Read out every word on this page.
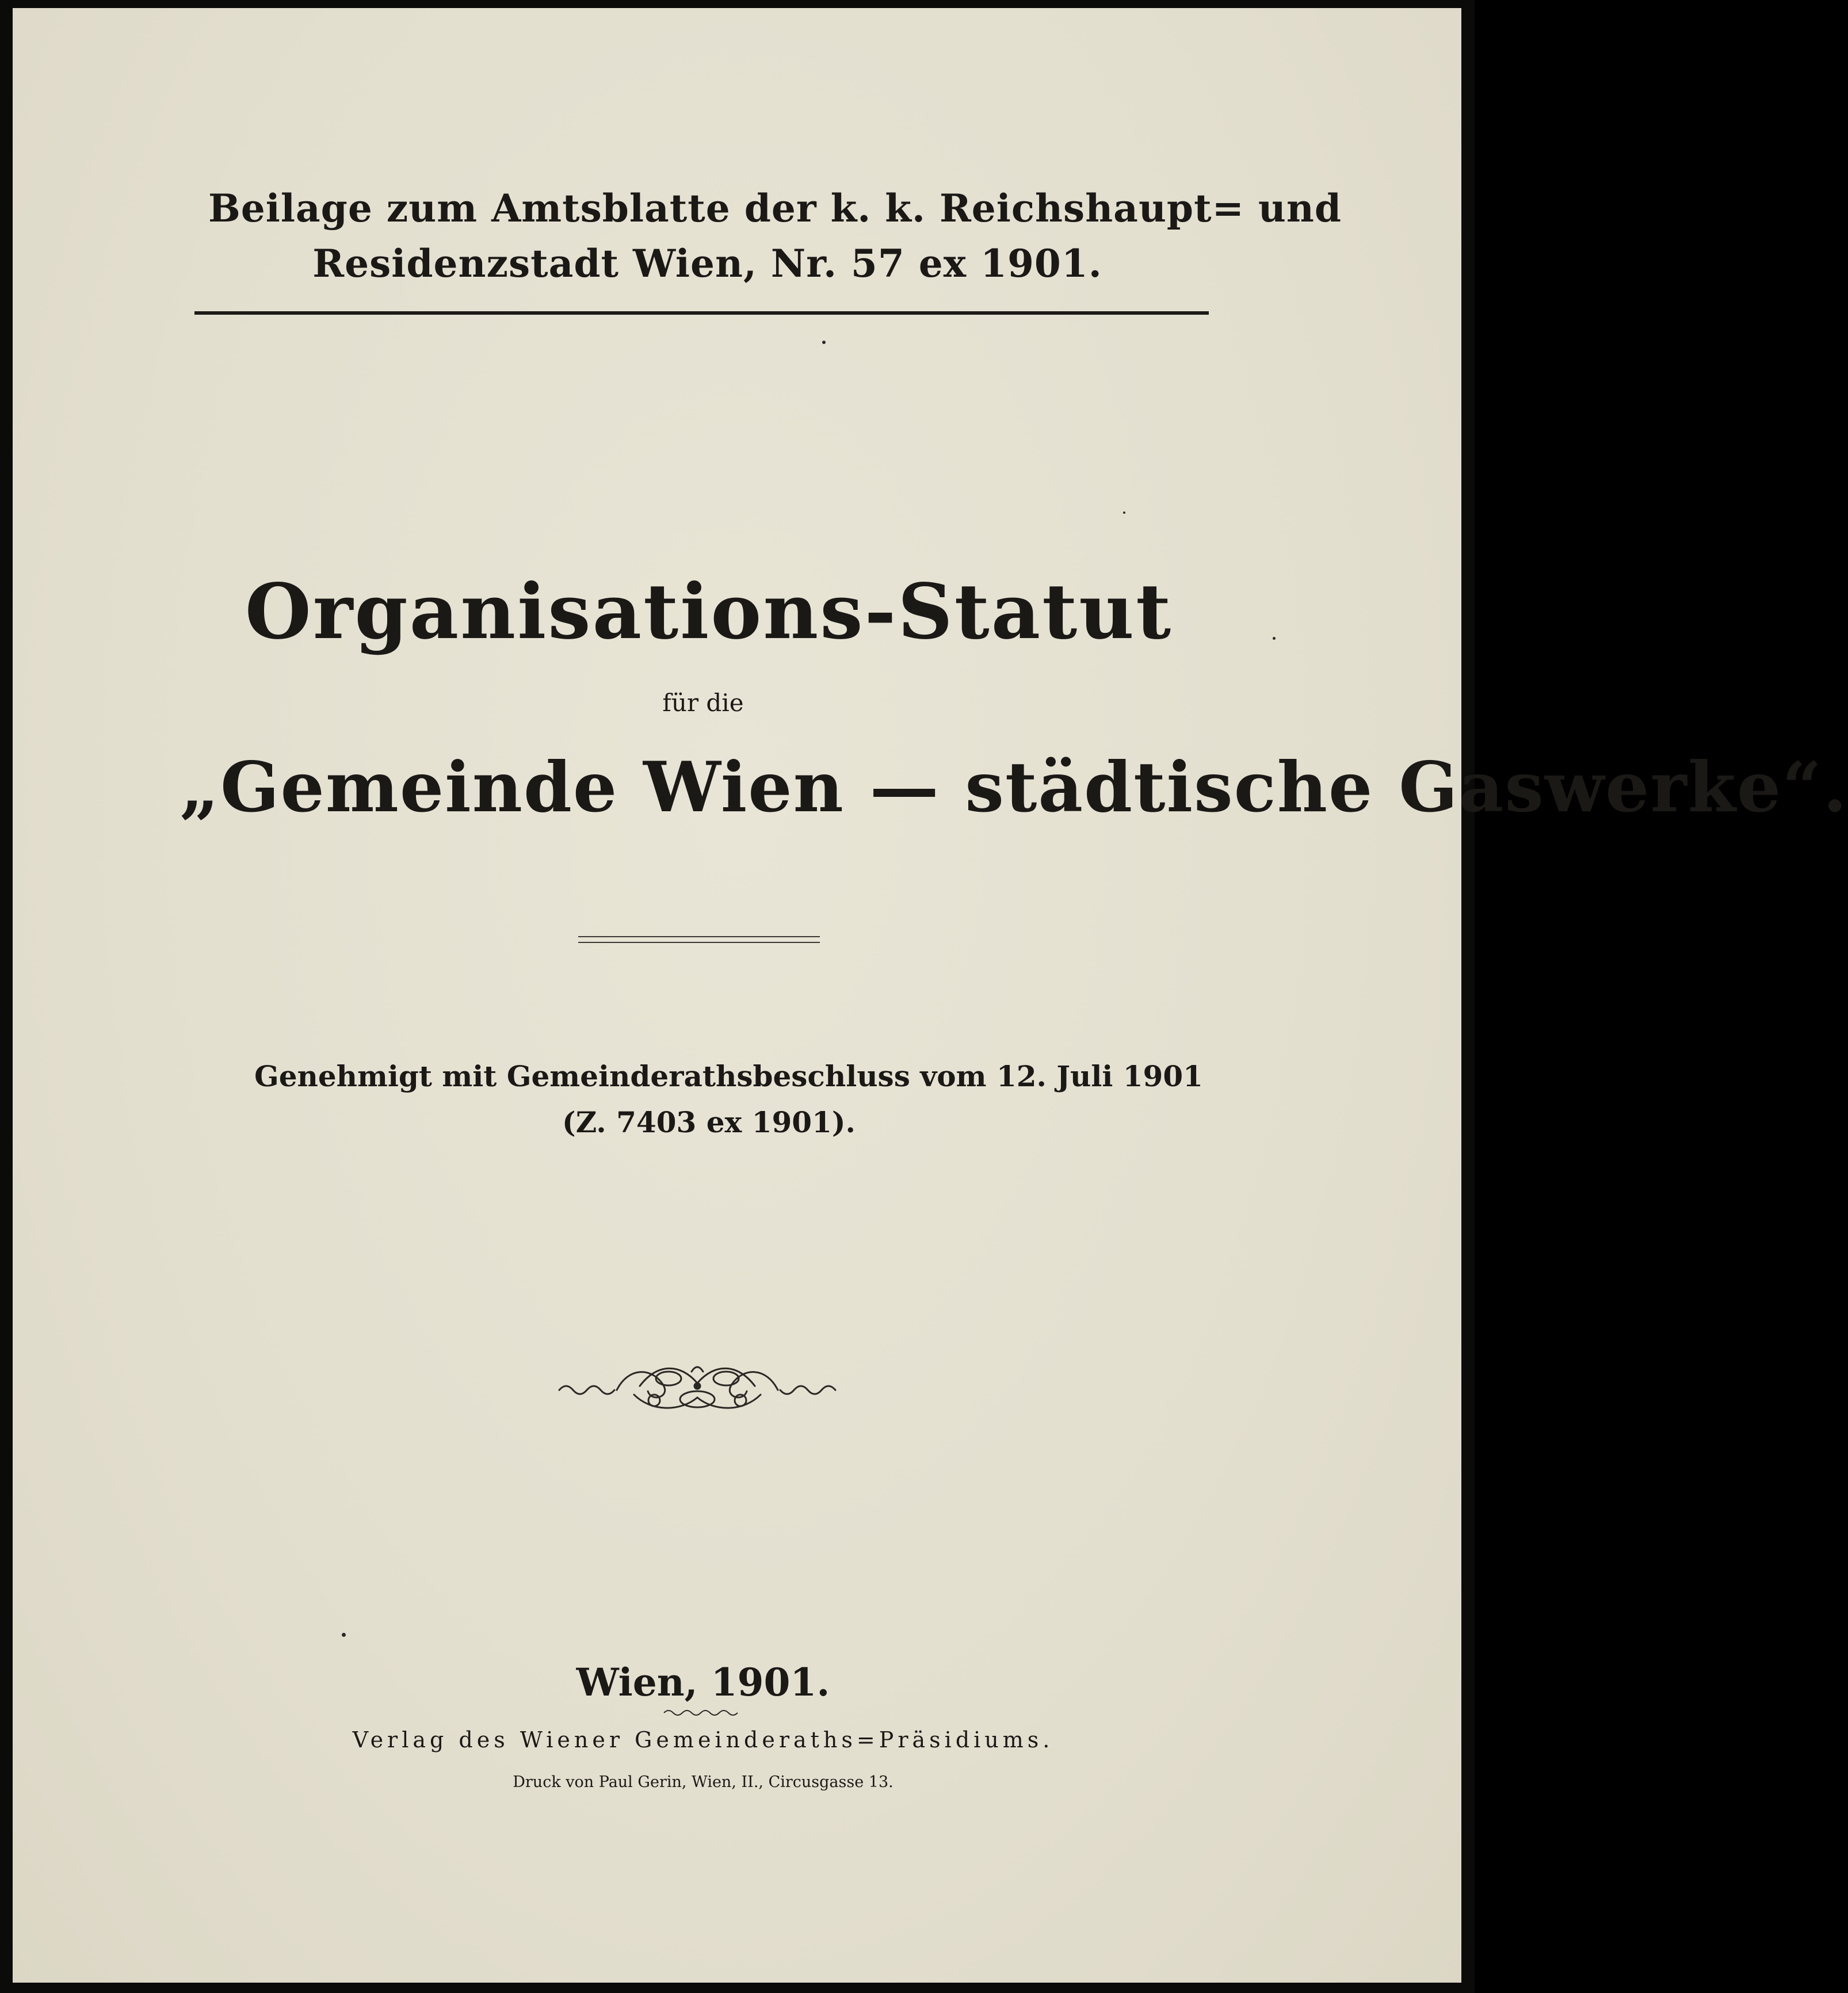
Beilage zum Amtsblatte der k. k. Reichshaupt= und
Residenzstadt Wien, Nr. 57 ex 1901.
Organisations-Statut
für die
„Gemeinde Wien — städtische Gaswerke“.
Genehmigt mit Gemeinderathsbeschluss vom 12. Juli 1901
(Z. 7403 ex 1901).
Wien, 1901.
Verlag des Wiener Gemeinderaths=Präsidiums.
Druck von Paul Gerin, Wien, II., Circusgasse 13.
